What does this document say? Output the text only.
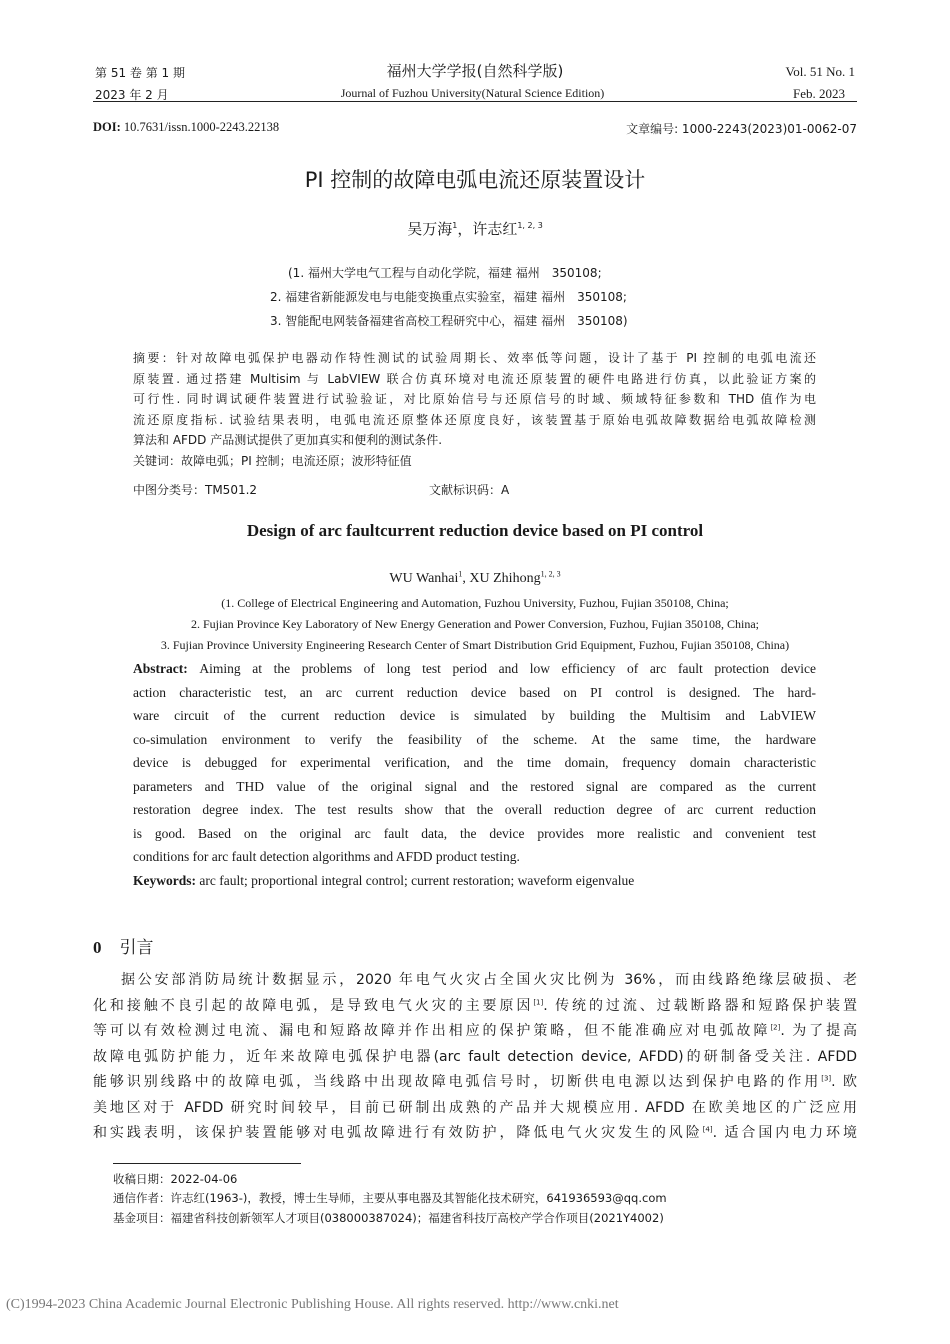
第 51 卷 第 1 期
2023 年 2 月
福州大学学报(自然科学版)
Journal of Fuzhou University(Natural Science Edition)
Vol. 51 No. 1
Feb. 2023
DOI: 10.7631/issn.1000-2243.22138	文章编号: 1000-2243(2023)01-0062-07
PI 控制的故障电弧电流还原装置设计
吴万海$^1$，许志红$^{1, 2, 3}$
(1. 福州大学电气工程与自动化学院，福建 福州　350108;
2. 福建省新能源发电与电能变换重点实验室，福建 福州　350108;
3. 智能配电网装备福建省高校工程研究中心，福建 福州　350108)
摘要：针对故障电弧保护电器动作特性测试的试验周期长、效率低等问题，设计了基于 PI 控制的电弧电流还
原装置. 通过搭建 Multisim 与 LabVIEW 联合仿真环境对电流还原装置的硬件电路进行仿真，以此验证方案的
可行性. 同时调试硬件装置进行试验验证，对比原始信号与还原信号的时域、频域特征参数和 THD 值作为电
流还原度指标. 试验结果表明，电弧电流还原整体还原度良好，该装置基于原始电弧故障数据给电弧故障检测
算法和 AFDD 产品测试提供了更加真实和便利的测试条件.
关键词：故障电弧；PI 控制；电流还原；波形特征值
中图分类号：TM501.2	文献标识码：A
Design of arc faultcurrent reduction device based on PI control
WU Wanhai$^1$, XU Zhihong$^{1, 2, 3}$
(1. College of Electrical Engineering and Automation, Fuzhou University, Fuzhou, Fujian 350108, China;
2. Fujian Province Key Laboratory of New Energy Generation and Power Conversion, Fuzhou, Fujian 350108, China;
3. Fujian Province University Engineering Research Center of Smart Distribution Grid Equipment, Fuzhou, Fujian 350108, China)
Abstract: Aiming at the problems of long test period and low efficiency of arc fault protection device
action characteristic test, an arc current reduction device based on PI control is designed. The hard-
ware circuit of the current reduction device is simulated by building the Multisim and LabVIEW
co-simulation environment to verify the feasibility of the scheme. At the same time, the hardware
device is debugged for experimental verification, and the time domain, frequency domain characteristic
parameters and THD value of the original signal and the restored signal are compared as the current
restoration degree index. The test results show that the overall reduction degree of arc current reduction
is good. Based on the original arc fault data, the device provides more realistic and convenient test
conditions for arc fault detection algorithms and AFDD product testing.
Keywords: arc fault; proportional integral control; current restoration; waveform eigenvalue
0 引言
据公安部消防局统计数据显示，2020 年电气火灾占全国火灾比例为 36%，而由线路绝缘层破损、老
化和接触不良引起的故障电弧，是导致电气火灾的主要原因[1]. 传统的过流、过载断路器和短路保护装置
等可以有效检测过电流、漏电和短路故障并作出相应的保护策略，但不能准确应对电弧故障[2]. 为了提高
故障电弧防护能力，近年来故障电弧保护电器(arc fault detection device, AFDD)的研制备受关注. AFDD
能够识别线路中的故障电弧，当线路中出现故障电弧信号时，切断供电电源以达到保护电路的作用[3]. 欧
美地区对于 AFDD 研究时间较早，目前已研制出成熟的产品并大规模应用. AFDD 在欧美地区的广泛应用
和实践表明，该保护装置能够对电弧故障进行有效防护，降低电气火灾发生的风险[4]. 适合国内电力环境
收稿日期：2022-04-06
通信作者：许志红(1963-)，教授，博士生导师，主要从事电器及其智能化技术研究，641936593@qq.com
基金项目：福建省科技创新领军人才项目(038000387024)；福建省科技厅高校产学合作项目(2021Y4002)
(C)1994-2023 China Academic Journal Electronic Publishing House. All rights reserved. http://www.cnki.net
